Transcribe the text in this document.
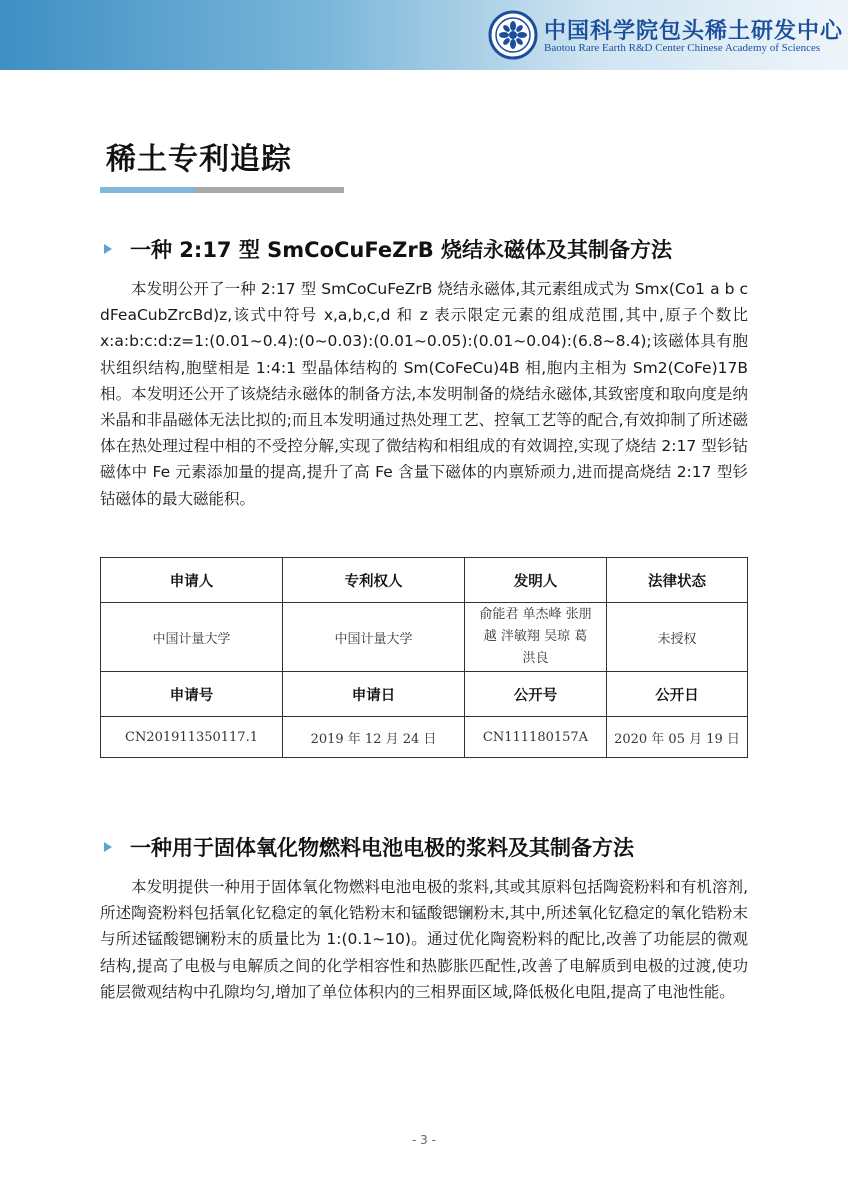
中国科学院包头稀土研发中心
Baotou Rare Earth R&D Center Chinese Academy of Sciences
稀土专利追踪
一种 2:17 型 SmCoCuFeZrB 烧结永磁体及其制备方法
本发明公开了一种 2:17 型 SmCoCuFeZrB 烧结永磁体,其元素组成式为 Smx(Co1 a b c dFeaCubZrcBd)z,该式中符号 x,a,b,c,d 和 z 表示限定元素的组成范围,其中,原子个数比 x:a:b:c:d:z=1:(0.01~0.4):(0~0.03):(0.01~0.05):(0.01~0.04):(6.8~8.4);该磁体具有胞状组织结构,胞壁相是 1:4:1 型晶体结构的 Sm(CoFeCu)4B 相,胞内主相为 Sm2(CoFe)17B 相。本发明还公开了该烧结永磁体的制备方法,本发明制备的烧结永磁体,其致密度和取向度是纳米晶和非晶磁体无法比拟的;而且本发明通过热处理工艺、控氧工艺等的配合,有效抑制了所述磁体在热处理过程中相的不受控分解,实现了微结构和相组成的有效调控,实现了烧结 2:17 型钐钴磁体中 Fe 元素添加量的提高,提升了高 Fe 含量下磁体的内禀矫顽力,进而提高烧结 2:17 型钐钴磁体的最大磁能积。
申请人	专利权人	发明人	法律状态
中国计量大学	中国计量大学	俞能君 单杰峰 张朋越 泮敏翔 吴琼 葛洪良	未授权
申请号	申请日	公开号	公开日
CN201911350117.1	2019 年 12 月 24 日	CN111180157A	2020 年 05 月 19 日
一种用于固体氧化物燃料电池电极的浆料及其制备方法
本发明提供一种用于固体氧化物燃料电池电极的浆料,其或其原料包括陶瓷粉料和有机溶剂,所述陶瓷粉料包括氧化钇稳定的氧化锆粉末和锰酸锶镧粉末,其中,所述氧化钇稳定的氧化锆粉末与所述锰酸锶镧粉末的质量比为 1:(0.1~10)。通过优化陶瓷粉料的配比,改善了功能层的微观结构,提高了电极与电解质之间的化学相容性和热膨胀匹配性,改善了电解质到电极的过渡,使功能层微观结构中孔隙均匀,增加了单位体积内的三相界面区域,降低极化电阻,提高了电池性能。
- 3 -
